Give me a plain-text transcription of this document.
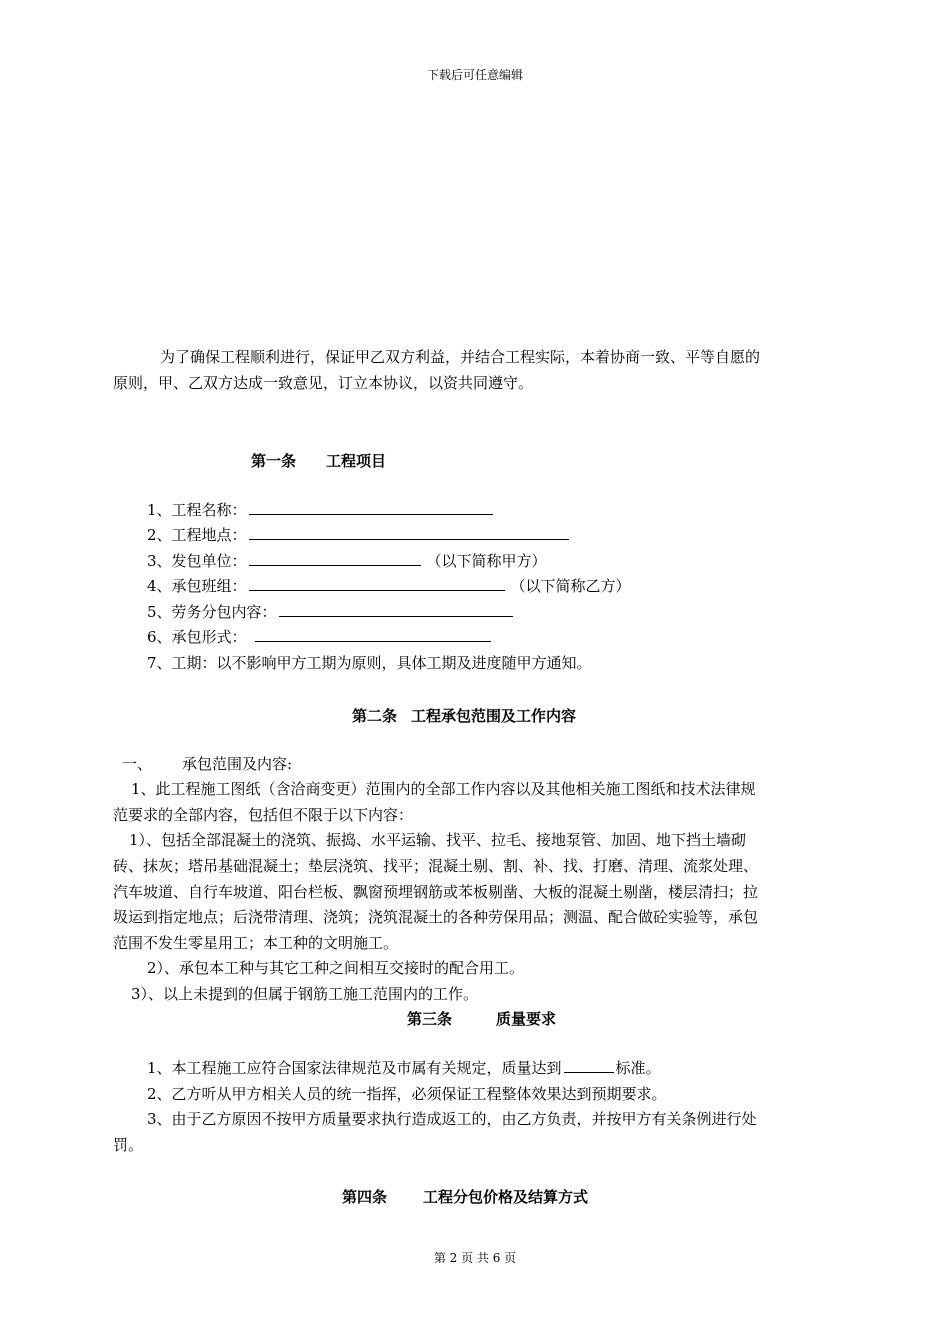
下载后可任意编辑
为了确保工程顺利进行，保证甲乙双方利益，并结合工程实际，本着协商一致、平等自愿的
原则，甲、乙双方达成一致意见，订立本协议，以资共同遵守。
第一条 工程项目
1、工程名称：
2、工程地点：
3、发包单位：	（以下简称甲方）
4、承包班组：	（以下简称乙方）
5、劳务分包内容：
6、承包形式：
7、工期：以不影响甲方工期为原则，具体工期及进度随甲方通知。
第二条 工程承包范围及工作内容
一、 承包范围及内容:
1、此工程施工图纸（含洽商变更）范围内的全部工作内容以及其他相关施工图纸和技术法律规
范要求的全部内容，包括但不限于以下内容：
1）、包括全部混凝土的浇筑、振捣、水平运输、找平、拉毛、接地泵管、加固、地下挡土墙砌
砖、抹灰；塔吊基础混凝土；垫层浇筑、找平；混凝土剔、割、补、找、打磨、清理、流浆处理、
汽车坡道、自行车坡道、阳台栏板、飘窗预埋钢筋或苯板剔凿、大板的混凝土剔凿，楼层清扫；拉
圾运到指定地点；后浇带清理、浇筑；浇筑混凝土的各种劳保用品；测温、配合做砼实验等，承包
范围不发生零星用工；本工种的文明施工。
2）、承包本工种与其它工种之间相互交接时的配合用工。
3）、以上未提到的但属于钢筋工施工范围内的工作。
第三条	质量要求
1、本工程施工应符合国家法律规范及市属有关规定，质量达到	标准。
2、乙方听从甲方相关人员的统一指挥，必须保证工程整体效果达到预期要求。
3、由于乙方原因不按甲方质量要求执行造成返工的，由乙方负责，并按甲方有关条例进行处
罚。
第四条 工程分包价格及结算方式
第 2 页 共 6 页
